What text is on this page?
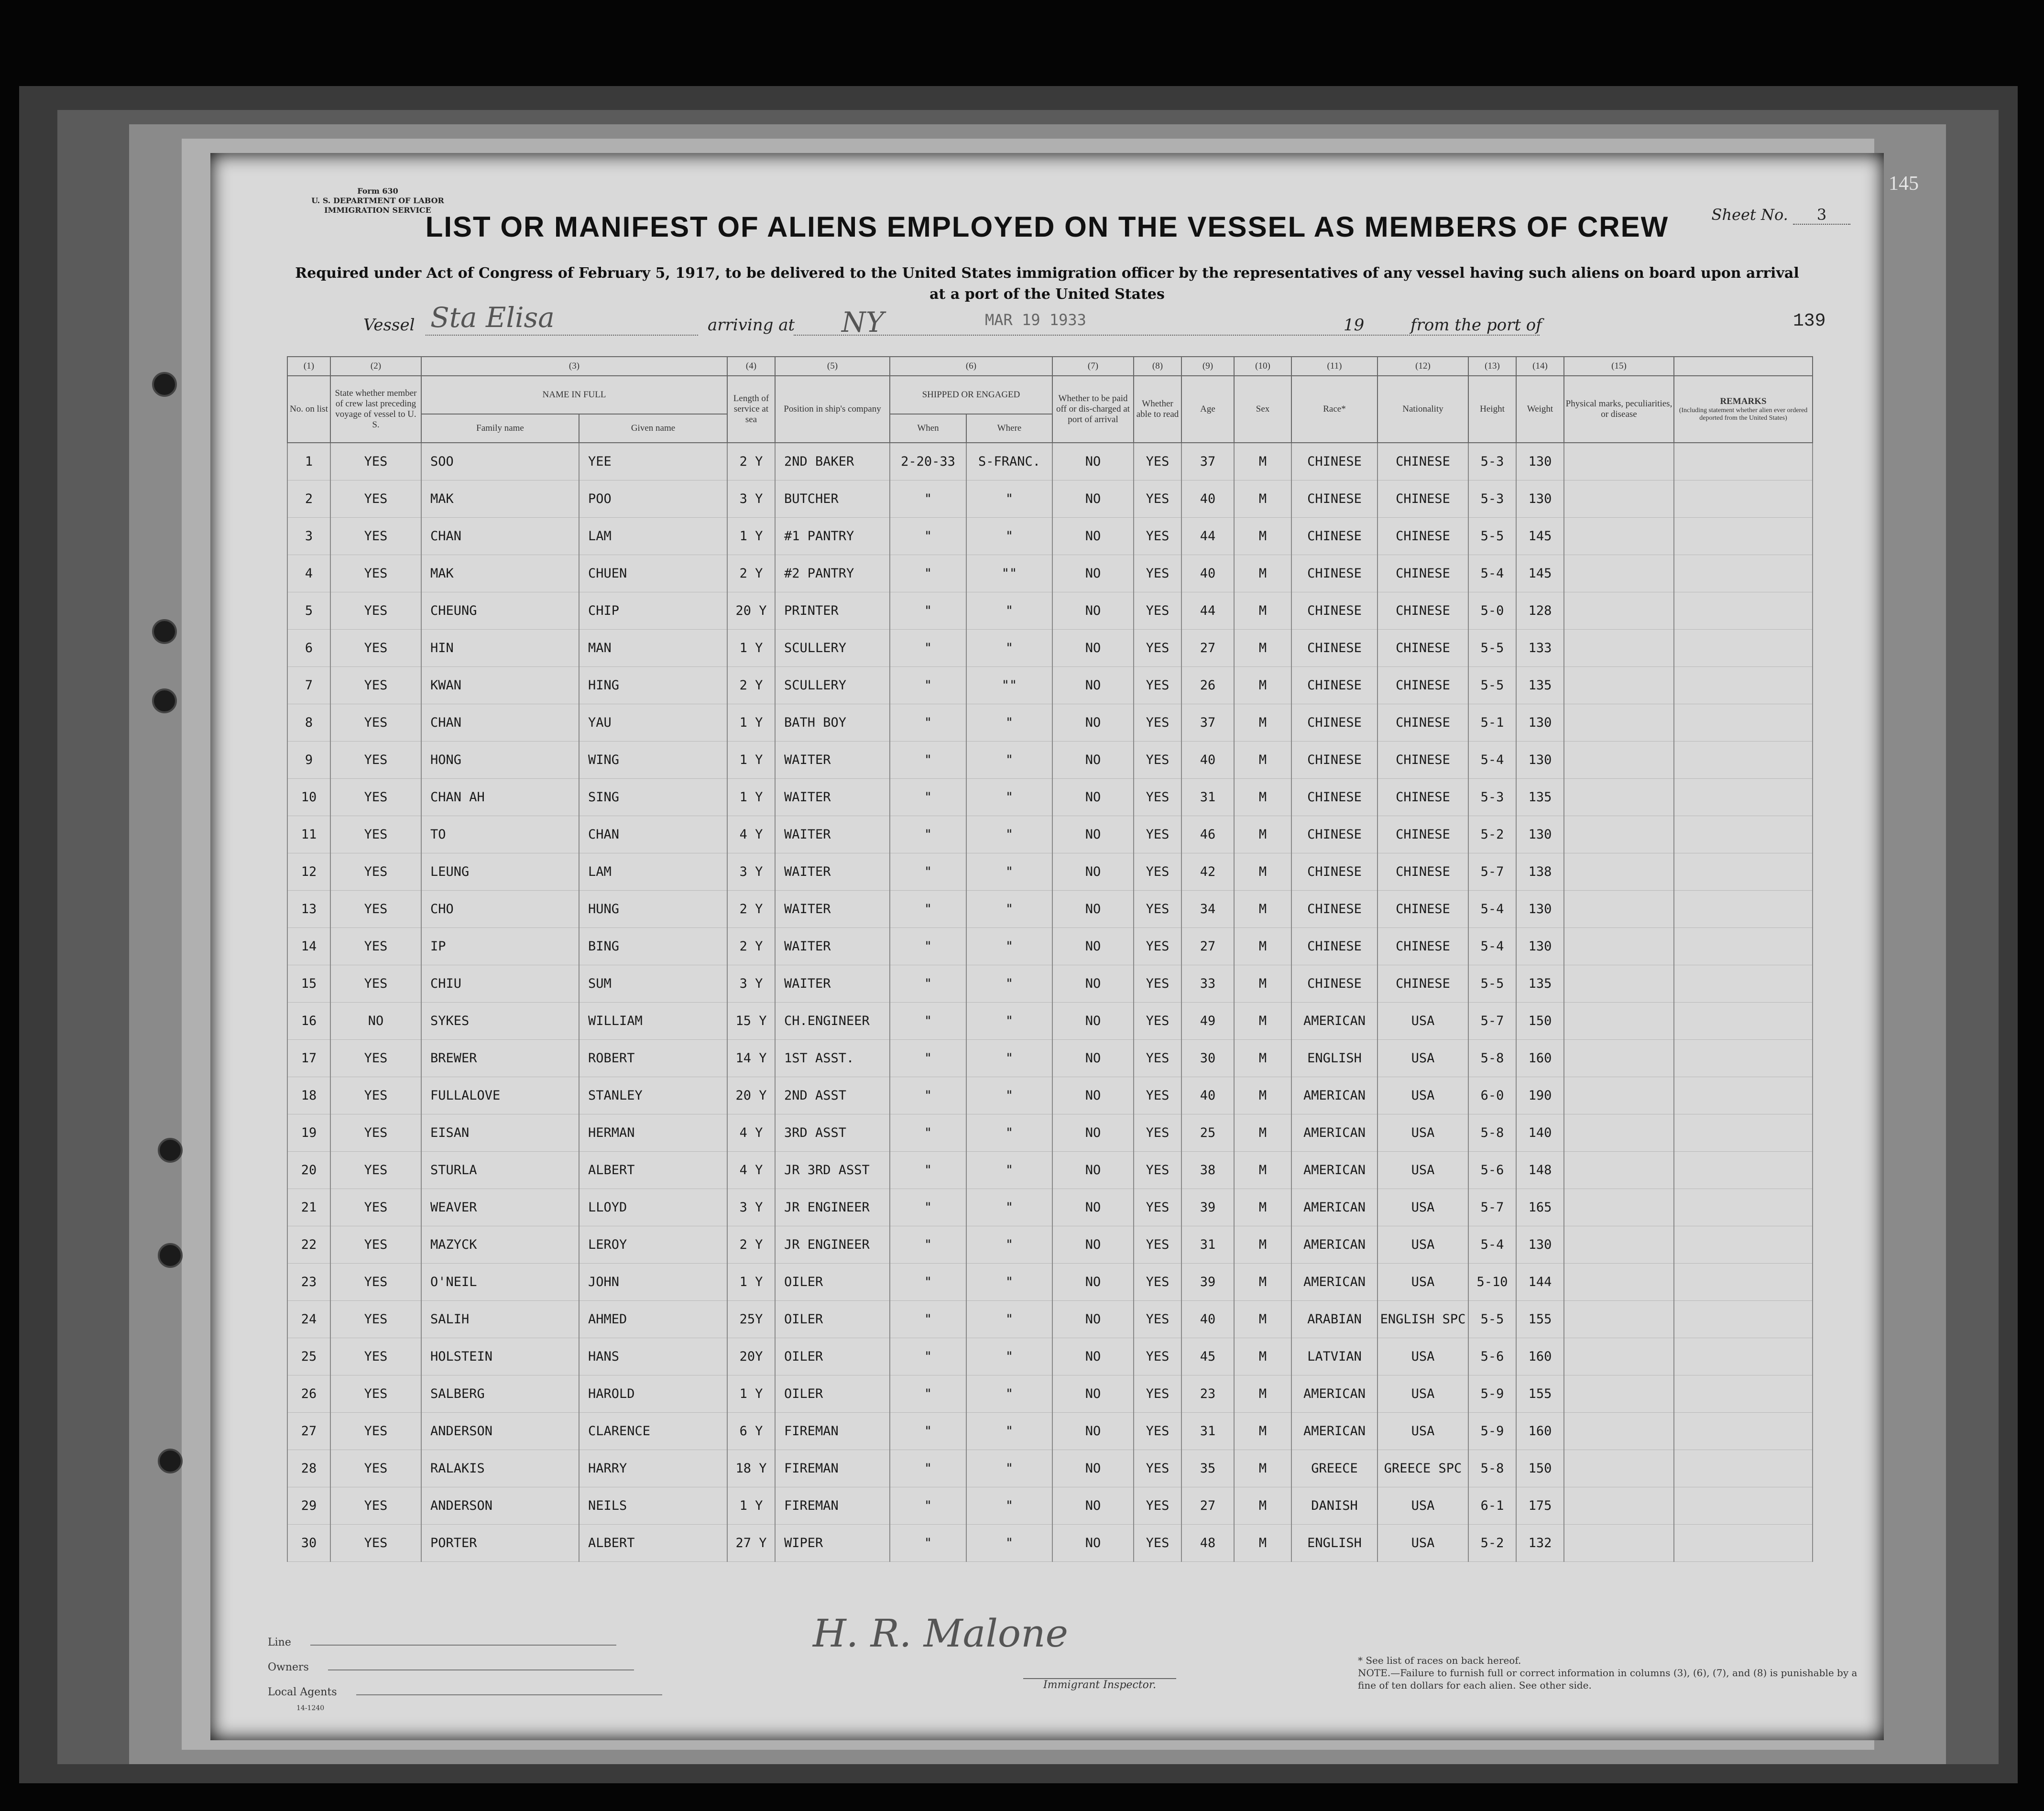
145
Form 630
U. S. DEPARTMENT OF LABOR
IMMIGRATION SERVICE	Sheet No. 3
LIST OR MANIFEST OF ALIENS EMPLOYED ON THE VESSEL AS MEMBERS OF CREW
Required under Act of Congress of February 5, 1917, to be delivered to the United States immigration officer by the representatives of any vessel having such aliens on board upon arrival at a port of the United States
Vessel Sta Elisa	arriving at NY	MAR 19 1933	19	from the port of	139
(1)	(2)	(3)		(4)	(5)	(6)		(7)	(8)	(9)	(10)	(11)	(12)	(13)	(14)	(15)	
No. on list	State whether member of crew last preceding voyage of vessel to U. S.	NAME IN FULL		Length of service at sea	Position in ship's company	SHIPPED OR ENGAGED		Whether to be paid off or dis-charged at port of arrival	Whether able to read	Age	Sex	Race*	Nationality	Height	Weight	Physical marks, peculiarities, or disease	REMARKS
(Including statement whether alien ever ordered deported from the United States)

		Family name	Given name			When	Where										
1	YES	SOO	YEE	2 Y	2ND BAKER	2-20-33	S-FRANC.	NO	YES	37	M	CHINESE	CHINESE	5-3	130		
2	YES	MAK	POO	3 Y	BUTCHER	"	"	NO	YES	40	M	CHINESE	CHINESE	5-3	130		
3	YES	CHAN	LAM	1 Y	#1 PANTRY	"	"	NO	YES	44	M	CHINESE	CHINESE	5-5	145		
4	YES	MAK	CHUEN	2 Y	#2 PANTRY	"	""	NO	YES	40	M	CHINESE	CHINESE	5-4	145		
5	YES	CHEUNG	CHIP	20 Y	PRINTER	"	"	NO	YES	44	M	CHINESE	CHINESE	5-0	128		
6	YES	HIN	MAN	1 Y	SCULLERY	"	"	NO	YES	27	M	CHINESE	CHINESE	5-5	133		
7	YES	KWAN	HING	2 Y	SCULLERY	"	""	NO	YES	26	M	CHINESE	CHINESE	5-5	135		
8	YES	CHAN	YAU	1 Y	BATH BOY	"	"	NO	YES	37	M	CHINESE	CHINESE	5-1	130		
9	YES	HONG	WING	1 Y	WAITER	"	"	NO	YES	40	M	CHINESE	CHINESE	5-4	130		
10	YES	CHAN AH	SING	1 Y	WAITER	"	"	NO	YES	31	M	CHINESE	CHINESE	5-3	135		
11	YES	TO	CHAN	4 Y	WAITER	"	"	NO	YES	46	M	CHINESE	CHINESE	5-2	130		
12	YES	LEUNG	LAM	3 Y	WAITER	"	"	NO	YES	42	M	CHINESE	CHINESE	5-7	138		
13	YES	CHO	HUNG	2 Y	WAITER	"	"	NO	YES	34	M	CHINESE	CHINESE	5-4	130		
14	YES	IP	BING	2 Y	WAITER	"	"	NO	YES	27	M	CHINESE	CHINESE	5-4	130		
15	YES	CHIU	SUM	3 Y	WAITER	"	"	NO	YES	33	M	CHINESE	CHINESE	5-5	135		
16	NO	SYKES	WILLIAM	15 Y	CH.ENGINEER	"	"	NO	YES	49	M	AMERICAN	USA	5-7	150		
17	YES	BREWER	ROBERT	14 Y	1ST ASST.	"	"	NO	YES	30	M	ENGLISH	USA	5-8	160		
18	YES	FULLALOVE	STANLEY	20 Y	2ND ASST	"	"	NO	YES	40	M	AMERICAN	USA	6-0	190		
19	YES	EISAN	HERMAN	4 Y	3RD ASST	"	"	NO	YES	25	M	AMERICAN	USA	5-8	140		
20	YES	STURLA	ALBERT	4 Y	JR 3RD ASST	"	"	NO	YES	38	M	AMERICAN	USA	5-6	148		
21	YES	WEAVER	LLOYD	3 Y	JR ENGINEER	"	"	NO	YES	39	M	AMERICAN	USA	5-7	165		
22	YES	MAZYCK	LEROY	2 Y	JR ENGINEER	"	"	NO	YES	31	M	AMERICAN	USA	5-4	130		
23	YES	O'NEIL	JOHN	1 Y	OILER	"	"	NO	YES	39	M	AMERICAN	USA	5-10	144		
24	YES	SALIH	AHMED	25Y	OILER	"	"	NO	YES	40	M	ARABIAN	ENGLISH SPC	5-5	155		
25	YES	HOLSTEIN	HANS	20Y	OILER	"	"	NO	YES	45	M	LATVIAN	USA	5-6	160		
26	YES	SALBERG	HAROLD	1 Y	OILER	"	"	NO	YES	23	M	AMERICAN	USA	5-9	155		
27	YES	ANDERSON	CLARENCE	6 Y	FIREMAN	"	"	NO	YES	31	M	AMERICAN	USA	5-9	160		
28	YES	RALAKIS	HARRY	18 Y	FIREMAN	"	"	NO	YES	35	M	GREECE	GREECE SPC	5-8	150		
29	YES	ANDERSON	NEILS	1 Y	FIREMAN	"	"	NO	YES	27	M	DANISH	USA	6-1	175		
30	YES	PORTER	ALBERT	27 Y	WIPER	"	"	NO	YES	48	M	ENGLISH	USA	5-2	132		
Line
Owners
Local Agents
14-1240
H. R. Malone
Immigrant Inspector.
* See list of races on back hereof.
NOTE.—Failure to furnish full or correct information in columns (3), (6), (7), and (8) is punishable by a fine of ten dollars for each alien. See other side.
